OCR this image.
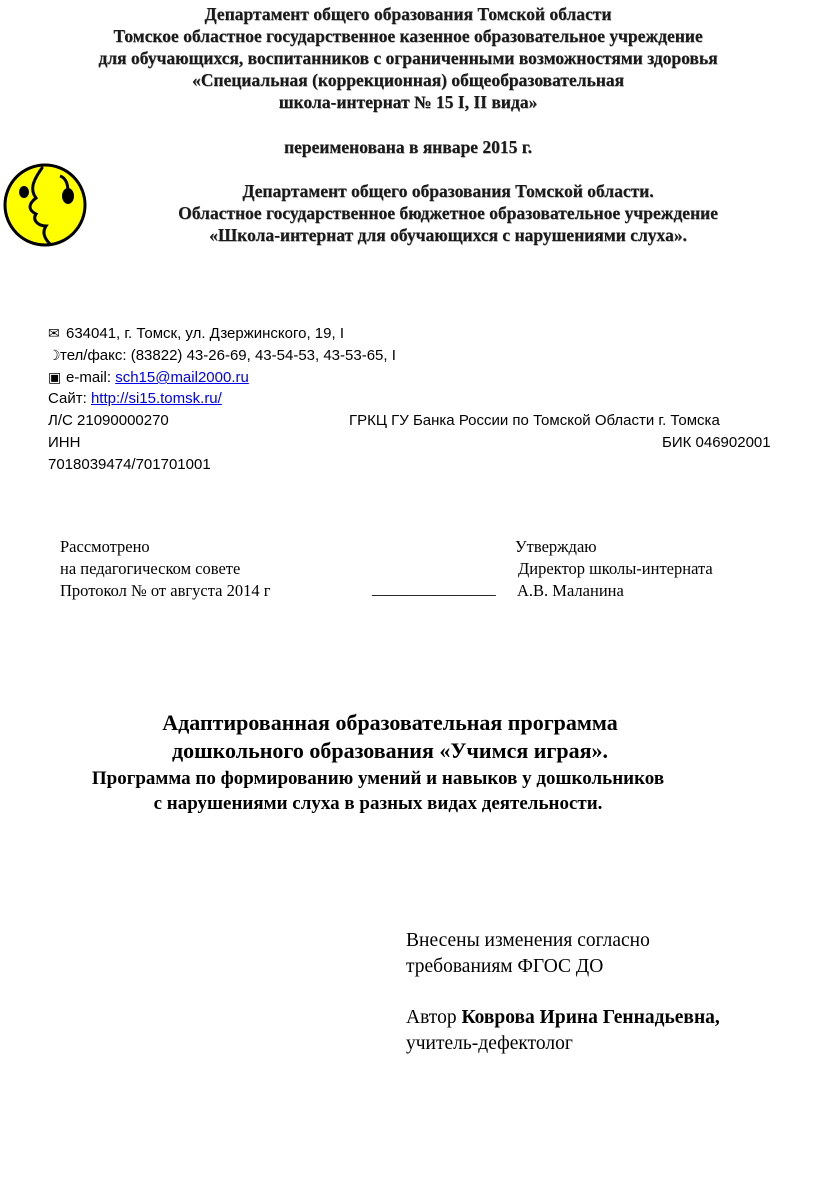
Департамент общего образования Томской области
Томское областное государственное казенное образовательное учреждение
для обучающихся, воспитанников с ограниченными возможностями здоровья
«Специальная (коррекционная) общеобразовательная
школа-интернат № 15 I, II вида»
переименована в январе 2015 г.
Департамент общего образования Томской области.
Областное государственное бюджетное образовательное учреждение
«Школа-интернат для обучающихся с нарушениями слуха».
✉ 634041, г. Томск, ул. Дзержинского, 19, I
☽тел/факс: (83822) 43-26-69, 43-54-53, 43-53-65, I
▣ e-mail: sch15@mail2000.ru
Сайт: http://si15.tomsk.ru/
Л/С 21090000270	ГРКЦ ГУ Банка России по Томской Области г. Томска
ИНН	БИК 046902001
7018039474/701701001
Рассмотрено
на педагогическом совете
Протокол № от августа 2014 г
Утверждаю
Директор школы-интерната
_______________ А.В. Маланина
Адаптированная образовательная программа
дошкольного образования «Учимся играя».
Программа по формированию умений и навыков у дошкольников
с нарушениями слуха в разных видах деятельности.
Внесены изменения согласно
требованиям ФГОС ДО
Автор Коврова Ирина Геннадьевна,
учитель-дефектолог
